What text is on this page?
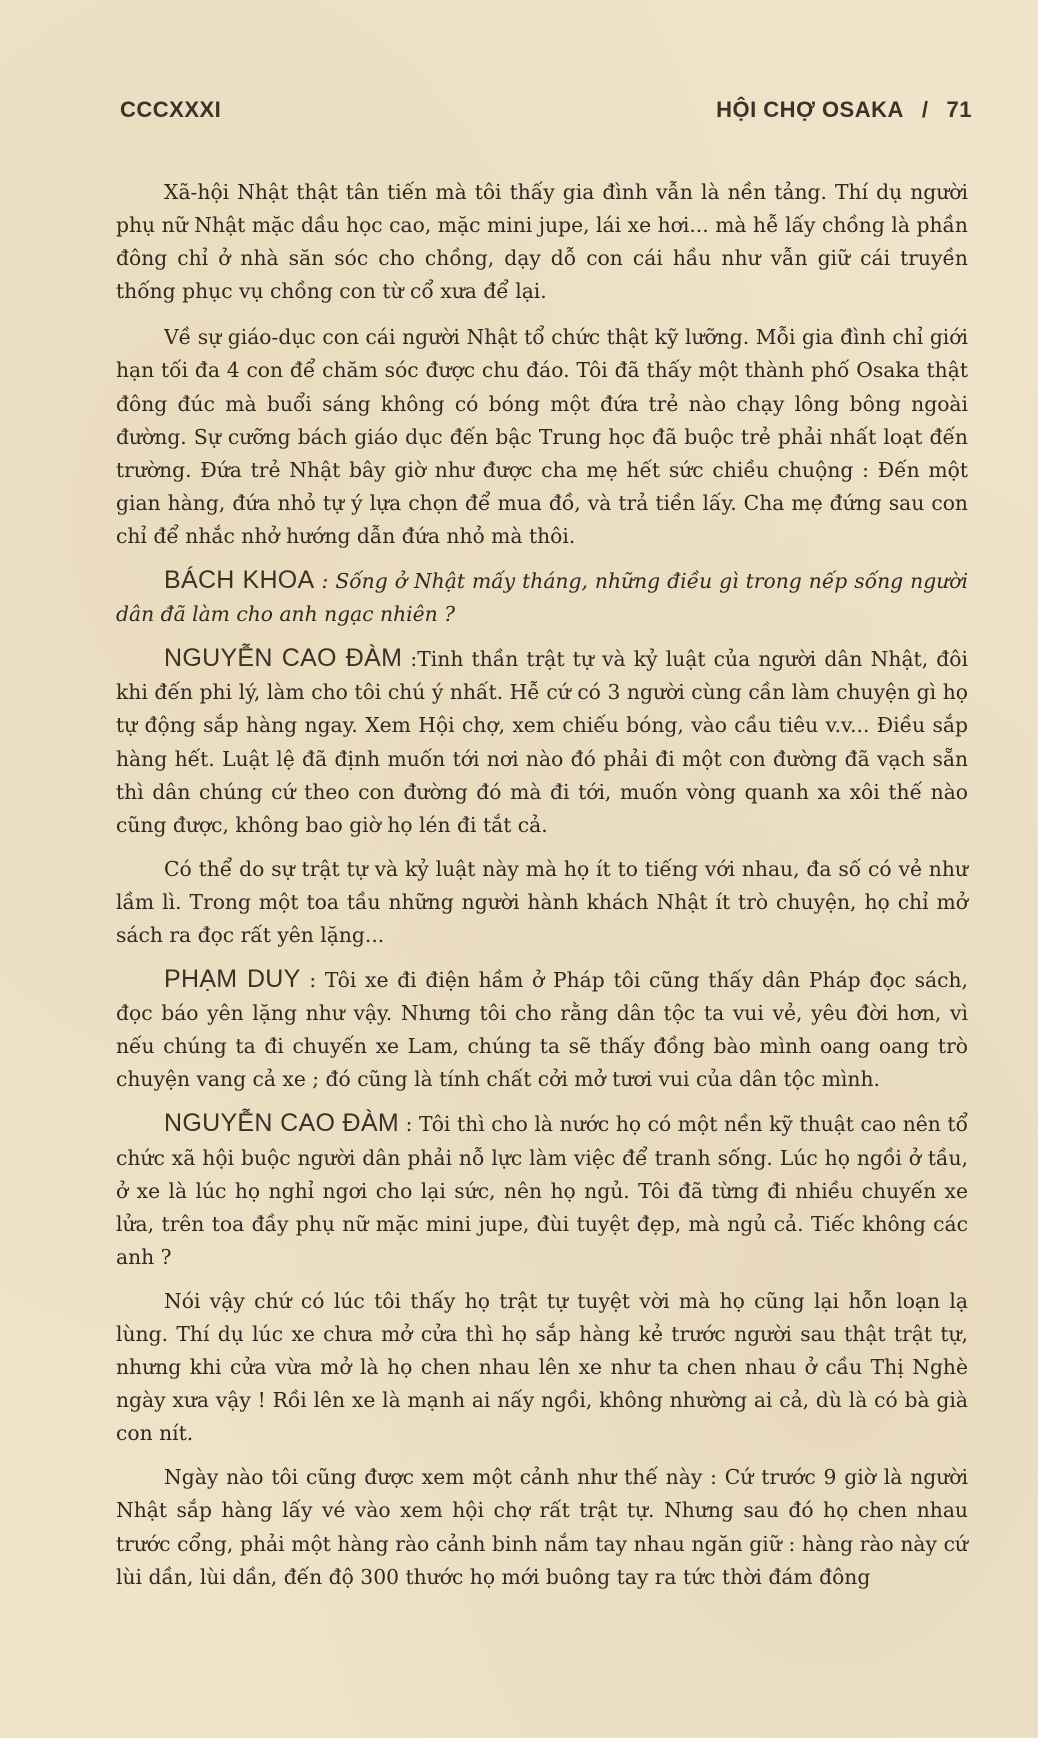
CCCXXXI	HỘI CHỢ OSAKA / 71

Xã-hội Nhật thật tân tiến mà tôi thấy gia đình vẫn là nền tảng. Thí dụ người phụ nữ Nhật mặc dầu học cao, mặc mini jupe, lái xe hơi... mà hễ lấy chồng là phần đông chỉ ở nhà săn sóc cho chồng, dạy dỗ con cái hầu như vẫn giữ cái truyền thống phục vụ chồng con từ cổ xưa để lại.

Về sự giáo-dục con cái người Nhật tổ chức thật kỹ lưỡng. Mỗi gia đình chỉ giới hạn tối đa 4 con để chăm sóc được chu đáo. Tôi đã thấy một thành phố Osaka thật đông đúc mà buổi sáng không có bóng một đứa trẻ nào chạy lông bông ngoài đường. Sự cưỡng bách giáo dục đến bậc Trung học đã buộc trẻ phải nhất loạt đến trường. Đứa trẻ Nhật bây giờ như được cha mẹ hết sức chiều chuộng : Đến một gian hàng, đứa nhỏ tự ý lựa chọn để mua đồ, và trả tiền lấy. Cha mẹ đứng sau con chỉ để nhắc nhở hướng dẫn đứa nhỏ mà thôi.

BÁCH KHOA : Sống ở Nhật mấy tháng, những điều gì trong nếp sống người dân đã làm cho anh ngạc nhiên ?

NGUYỄN CAO ĐÀM :Tinh thần trật tự và kỷ luật của người dân Nhật, đôi khi đến phi lý, làm cho tôi chú ý nhất. Hễ cứ có 3 người cùng cần làm chuyện gì họ tự động sắp hàng ngay. Xem Hội chợ, xem chiếu bóng, vào cầu tiêu v.v... Điều sắp hàng hết. Luật lệ đã định muốn tới nơi nào đó phải đi một con đường đã vạch sẵn thì dân chúng cứ theo con đường đó mà đi tới, muốn vòng quanh xa xôi thế nào cũng được, không bao giờ họ lén đi tắt cả.

Có thể do sự trật tự và kỷ luật này mà họ ít to tiếng với nhau, đa số có vẻ như lầm lì. Trong một toa tầu những người hành khách Nhật ít trò chuyện, họ chỉ mở sách ra đọc rất yên lặng...

PHẠM DUY : Tôi xe đi điện hầm ở Pháp tôi cũng thấy dân Pháp đọc sách, đọc báo yên lặng như vậy. Nhưng tôi cho rằng dân tộc ta vui vẻ, yêu đời hơn, vì nếu chúng ta đi chuyến xe Lam, chúng ta sẽ thấy đồng bào mình oang oang trò chuyện vang cả xe ; đó cũng là tính chất cởi mở tươi vui của dân tộc mình.

NGUYỄN CAO ĐÀM : Tôi thì cho là nước họ có một nền kỹ thuật cao nên tổ chức xã hội buộc người dân phải nỗ lực làm việc để tranh sống. Lúc họ ngồi ở tầu, ở xe là lúc họ nghỉ ngơi cho lại sức, nên họ ngủ. Tôi đã từng đi nhiều chuyến xe lửa, trên toa đầy phụ nữ mặc mini jupe, đùi tuyệt đẹp, mà ngủ cả. Tiếc không các anh ?

Nói vậy chứ có lúc tôi thấy họ trật tự tuyệt vời mà họ cũng lại hỗn loạn lạ lùng. Thí dụ lúc xe chưa mở cửa thì họ sắp hàng kẻ trước người sau thật trật tự, nhưng khi cửa vừa mở là họ chen nhau lên xe như ta chen nhau ở cầu Thị Nghè ngày xưa vậy ! Rồi lên xe là mạnh ai nấy ngồi, không nhường ai cả, dù là có bà già con nít.

Ngày nào tôi cũng được xem một cảnh như thế này : Cứ trước 9 giờ là người Nhật sắp hàng lấy vé vào xem hội chợ rất trật tự. Nhưng sau đó họ chen nhau trước cổng, phải một hàng rào cảnh binh nắm tay nhau ngăn giữ : hàng rào này cứ lùi dần, lùi dần, đến độ 300 thước họ mới buông tay ra tức thời đám đông
